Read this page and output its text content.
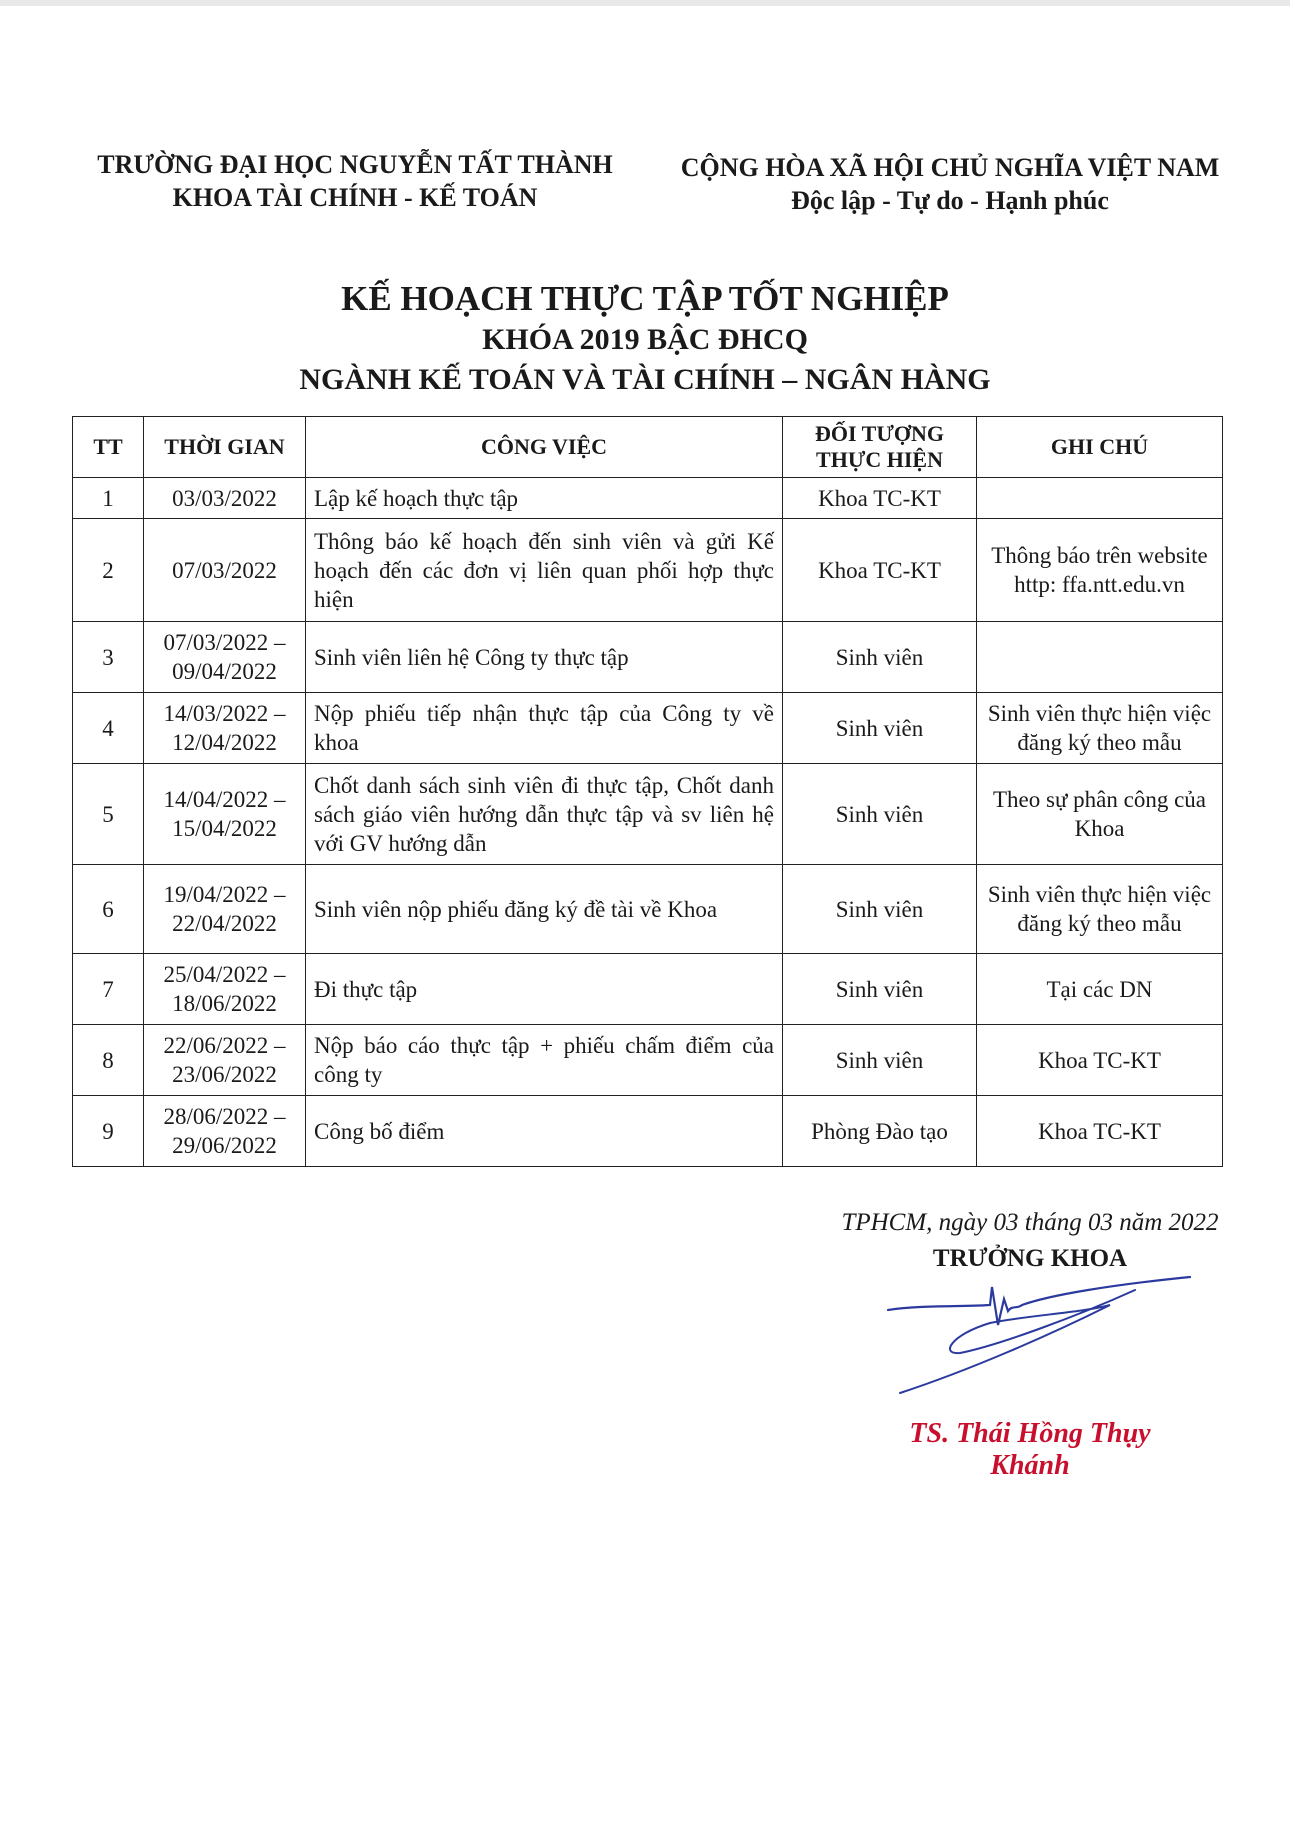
TRƯỜNG ĐẠI HỌC NGUYỄN TẤT THÀNH
KHOA TÀI CHÍNH - KẾ TOÁN
CỘNG HÒA XÃ HỘI CHỦ NGHĨA VIỆT NAM
Độc lập - Tự do - Hạnh phúc
KẾ HOẠCH THỰC TẬP TỐT NGHIỆP
KHÓA 2019 BẬC ĐHCQ
NGÀNH KẾ TOÁN VÀ TÀI CHÍNH – NGÂN HÀNG
TT	THỜI GIAN	CÔNG VIỆC	ĐỐI TƯỢNG THỰC HIỆN	GHI CHÚ
1	03/03/2022	Lập kế hoạch thực tập	Khoa TC-KT	
2	07/03/2022	Thông báo kế hoạch đến sinh viên và gửi Kế hoạch đến các đơn vị liên quan phối hợp thực hiện	Khoa TC-KT	Thông báo trên website http: ffa.ntt.edu.vn
3	07/03/2022 – 09/04/2022	Sinh viên liên hệ Công ty thực tập	Sinh viên	
4	14/03/2022 – 12/04/2022	Nộp phiếu tiếp nhận thực tập của Công ty về khoa	Sinh viên	Sinh viên thực hiện việc đăng ký theo mẫu
5	14/04/2022 – 15/04/2022	Chốt danh sách sinh viên đi thực tập, Chốt danh sách giáo viên hướng dẫn thực tập và sv liên hệ với GV hướng dẫn	Sinh viên	Theo sự phân công của Khoa
6	19/04/2022 – 22/04/2022	Sinh viên nộp phiếu đăng ký đề tài về Khoa	Sinh viên	Sinh viên thực hiện việc đăng ký theo mẫu
7	25/04/2022 – 18/06/2022	Đi thực tập	Sinh viên	Tại các DN
8	22/06/2022 – 23/06/2022	Nộp báo cáo thực tập + phiếu chấm điểm của công ty	Sinh viên	Khoa TC-KT
9	28/06/2022 – 29/06/2022	Công bố điểm	Phòng Đào tạo	Khoa TC-KT
TPHCM, ngày 03 tháng 03 năm 2022
TRƯỞNG KHOA
TS. Thái Hồng Thụy Khánh
